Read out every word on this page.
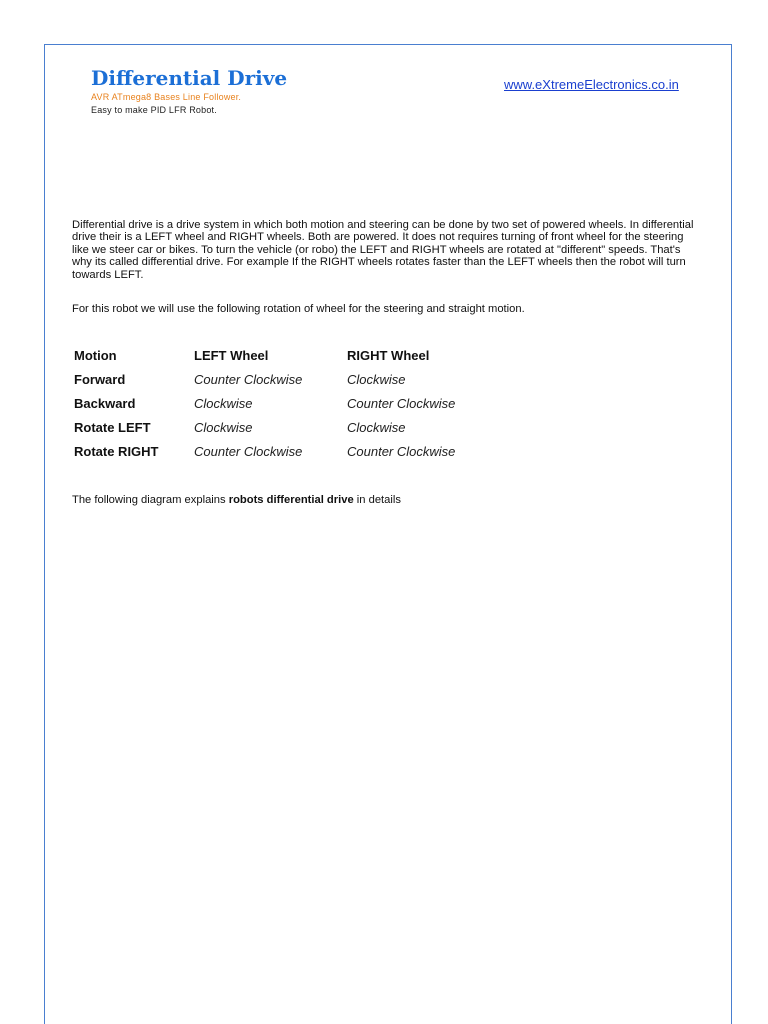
Differential Drive
AVR ATmega8 Bases Line Follower.
Easy to make PID LFR Robot.
www.eXtremeElectronics.co.in

Differential drive is a drive system in which both motion and steering can be done by two set of powered wheels. In differential drive their is a LEFT wheel and RIGHT wheels. Both are powered. It does not requires turning of front wheel for the steering like we steer car or bikes. To turn the vehicle (or robo) the LEFT and RIGHT wheels are rotated at "different" speeds. That's why its called differential drive. For example If the RIGHT wheels rotates faster than the LEFT wheels then the robot will turn towards LEFT.

For this robot we will use the following rotation of wheel for the steering and straight motion.

Motion	LEFT Wheel	RIGHT Wheel
Forward	Counter Clockwise	Clockwise
Backward	Clockwise	Counter Clockwise
Rotate LEFT	Clockwise	Clockwise
Rotate RIGHT	Counter Clockwise	Counter Clockwise

The following diagram explains robots differential drive in details
